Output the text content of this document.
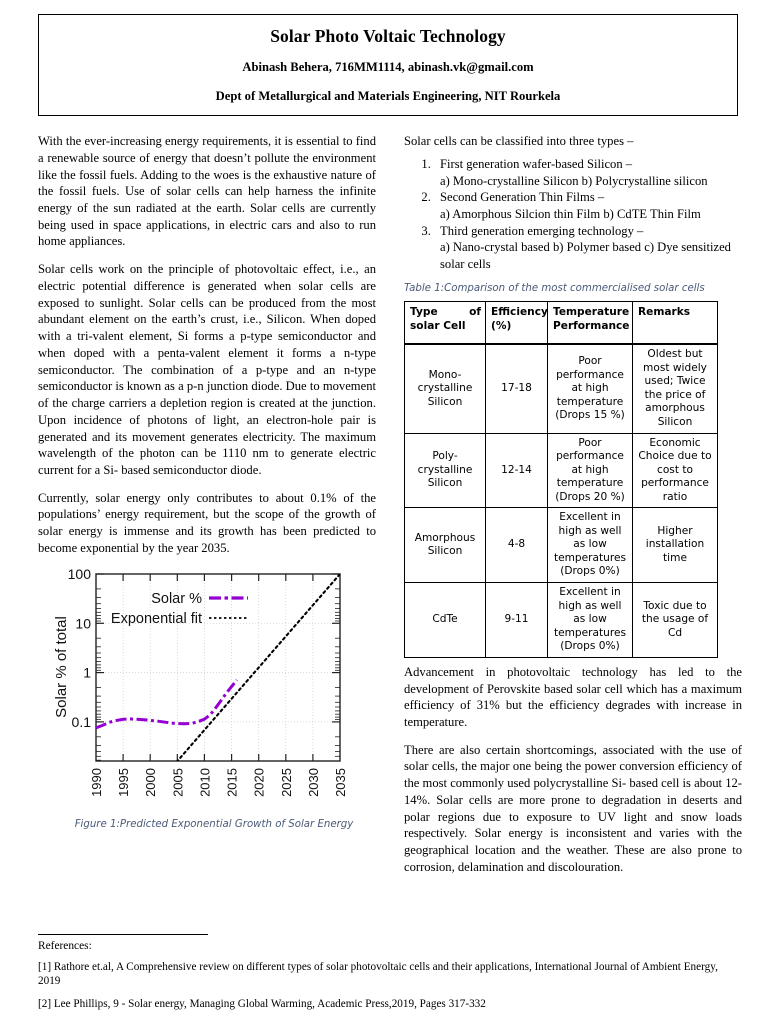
Solar Photo Voltaic Technology
Abinash Behera, 716MM1114, abinash.vk@gmail.com
Dept of Metallurgical and Materials Engineering, NIT Rourkela

With the ever-increasing energy requirements, it is essential to find a renewable source of energy that doesn’t pollute the environment like the fossil fuels. Adding to the woes is the exhaustive nature of the fossil fuels. Use of solar cells can help harness the infinite energy of the sun radiated at the earth. Solar cells are currently being used in space applications, in electric cars and also to run home appliances.

Solar cells work on the principle of photovoltaic effect, i.e., an electric potential difference is generated when solar cells are exposed to sunlight. Solar cells can be produced from the most abundant element on the earth’s crust, i.e., Silicon. When doped with a tri-valent element, Si forms a p-type semiconductor and when doped with a penta-valent element it forms a n-type semiconductor. The combination of a p-type and an n-type semiconductor is known as a p-n junction diode. Due to movement of the charge carriers a depletion region is created at the junction. Upon incidence of photons of light, an electron-hole pair is generated and its movement generates electricity. The maximum wavelength of the photon can be 1110 nm to generate electric current for a Si- based semiconductor diode.

Currently, solar energy only contributes to about 0.1% of the populations’ energy requirement, but the scope of the growth of solar energy is immense and its growth has been predicted to become exponential by the year 2035.

100
10
1
0.1
Solar % of total
1990 1995 2000 2005 2010 2015 2020 2025 2030 2035
Solar %
Exponential fit
Figure 1:Predicted Exponential Growth of Solar Energy

Solar cells can be classified into three types –

1. First generation wafer-based Silicon –
a) Mono-crystalline Silicon b) Polycrystalline silicon
2. Second Generation Thin Films –
a) Amorphous Silcion thin Film b) CdTE Thin Film
3. Third generation emerging technology –
a) Nano-crystal based b) Polymer based c) Dye sensitized solar cells
Table 1:Comparison of the most commercialised solar cells
Type of
solar Cell	Efficiency (%)	Temperature Performance	Remarks
Mono-crystalline Silicon	17-18	Poor performance at high temperature (Drops 15 %)	Oldest but most widely used; Twice the price of amorphous Silicon
Poly-crystalline Silicon	12-14	Poor performance at high temperature (Drops 20 %)	Economic Choice due to cost to performance ratio
Amorphous Silicon	4-8	Excellent in high as well as low temperatures (Drops 0%)	Higher installation time
CdTe	9-11	Excellent in high as well as low temperatures (Drops 0%)	Toxic due to the usage of Cd

Advancement in photovoltaic technology has led to the development of Perovskite based solar cell which has a maximum efficiency of 31% but the efficiency degrades with increase in temperature.

There are also certain shortcomings, associated with the use of solar cells, the major one being the power conversion efficiency of the most commonly used polycrystalline Si- based cell is about 12-14%. Solar cells are more prone to degradation in deserts and polar regions due to exposure to UV light and snow loads respectively. Solar energy is inconsistent and varies with the geographical location and the weather. These are also prone to corrosion, delamination and discolouration.

References:
[1] Rathore et.al, A Comprehensive review on different types of solar photovoltaic cells and their applications, International Journal of Ambient Energy, 2019
[2] Lee Phillips, 9 - Solar energy, Managing Global Warming, Academic Press,2019, Pages 317-332
